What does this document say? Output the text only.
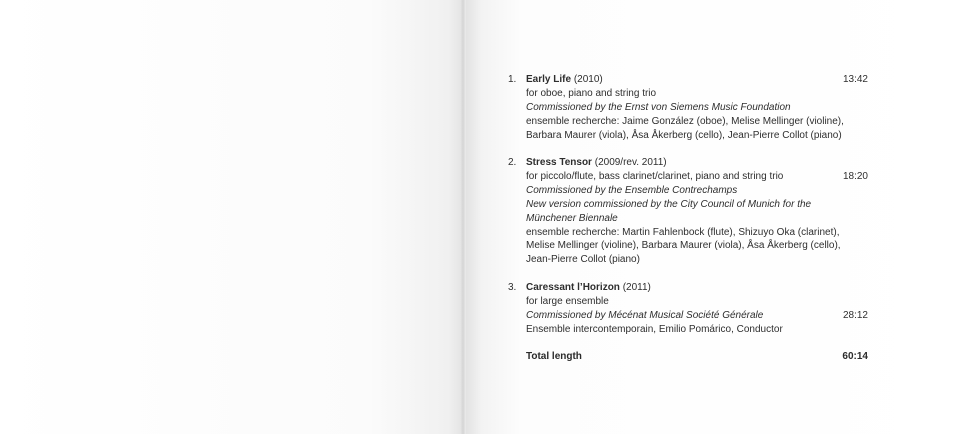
1.	13:42
Early Life (2010)
for oboe, piano and string trio
Commissioned by the Ernst von Siemens Music Foundation
ensemble recherche: Jaime González (oboe), Melise Mellinger (violine),
Barbara Maurer (viola), Åsa Åkerberg (cello), Jean-Pierre Collot (piano)
2.
18:20
Stress Tensor (2009/rev. 2011)
for piccolo/flute, bass clarinet/clarinet, piano and string trio
Commissioned by the Ensemble Contrechamps
New version commissioned by the City Council of Munich for the
Münchener Biennale
ensemble recherche: Martin Fahlenbock (flute), Shizuyo Oka (clarinet),
Melise Mellinger (violine), Barbara Maurer (viola), Åsa Åkerberg (cello),
Jean-Pierre Collot (piano)
3.
28:12
Caressant l’Horizon (2011)
for large ensemble
Commissioned by Mécénat Musical Société Générale
Ensemble intercontemporain, Emilio Pomárico, Conductor
Total length	60:14
